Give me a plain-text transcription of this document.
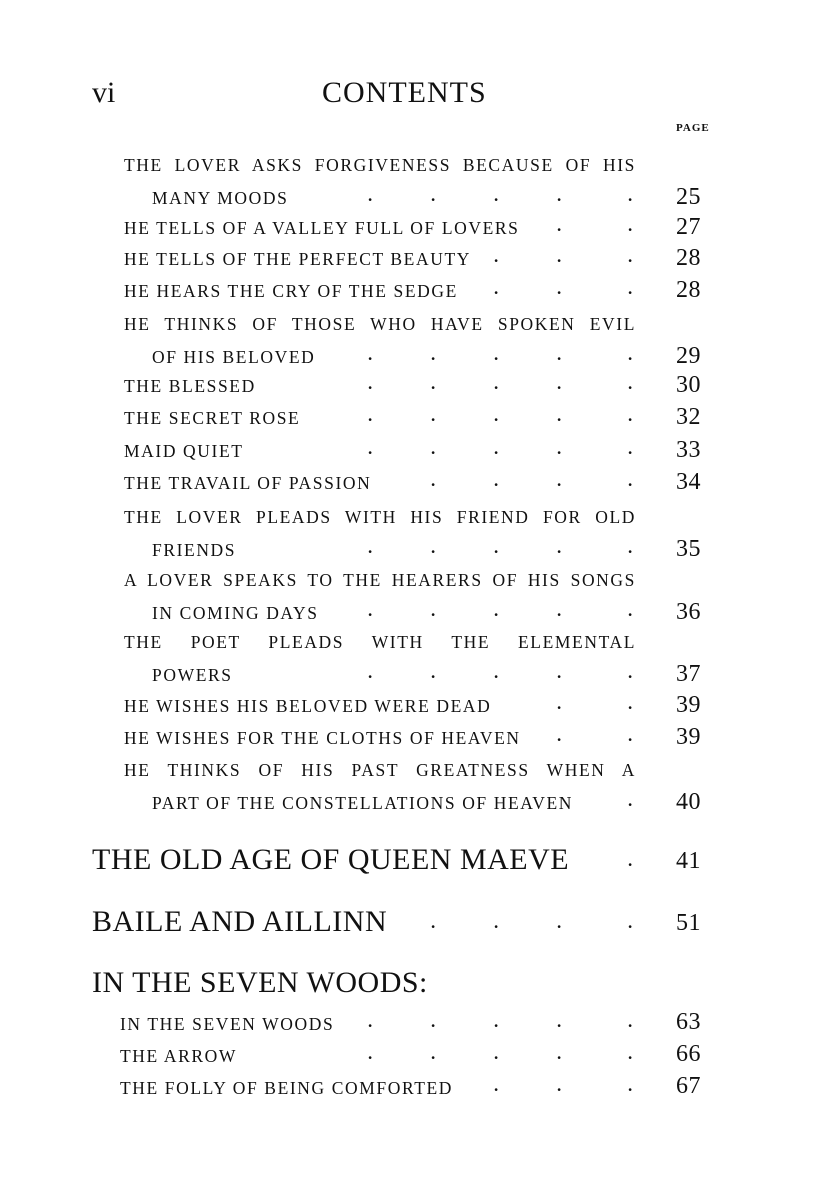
vi	CONTENTS
PAGE
THE LOVER ASKS FORGIVENESS BECAUSE OF HIS
MANY MOODS	.	.	.	.	. 25
HE TELLS OF A VALLEY FULL OF LOVERS .	. 27
HE TELLS OF THE PERFECT BEAUTY .	.	. 28
HE HEARS THE CRY OF THE SEDGE .	.	. 28
HE THINKS OF THOSE WHO HAVE SPOKEN EVIL
OF HIS BELOVED	.	.	.	.	. 29
THE BLESSED	.	.	.	.	. 30
THE SECRET ROSE	.	.	.	.	. 32
MAID QUIET	.	.	.	.	. 33
THE TRAVAIL OF PASSION	.	.	.	. 34
THE LOVER PLEADS WITH HIS FRIEND FOR OLD
FRIENDS	.	.	.	.	. 35
A LOVER SPEAKS TO THE HEARERS OF HIS SONGS
IN COMING DAYS	.	.	.	.	. 36
THE POET PLEADS WITH THE ELEMENTAL
POWERS	.	.	.	.	. 37
HE WISHES HIS BELOVED WERE DEAD	.	. 39
HE WISHES FOR THE CLOTHS OF HEAVEN .	. 39
HE THINKS OF HIS PAST GREATNESS WHEN A
PART OF THE CONSTELLATIONS OF HEAVEN	. 40
THE OLD AGE OF QUEEN MAEVE	. 41
BAILE AND AILLINN	.	.	.	. 51
IN THE SEVEN WOODS:
IN THE SEVEN WOODS .	.	.	.	. 63
THE ARROW	.	.	.	.	. 66
THE FOLLY OF BEING COMFORTED .	.	. 67
